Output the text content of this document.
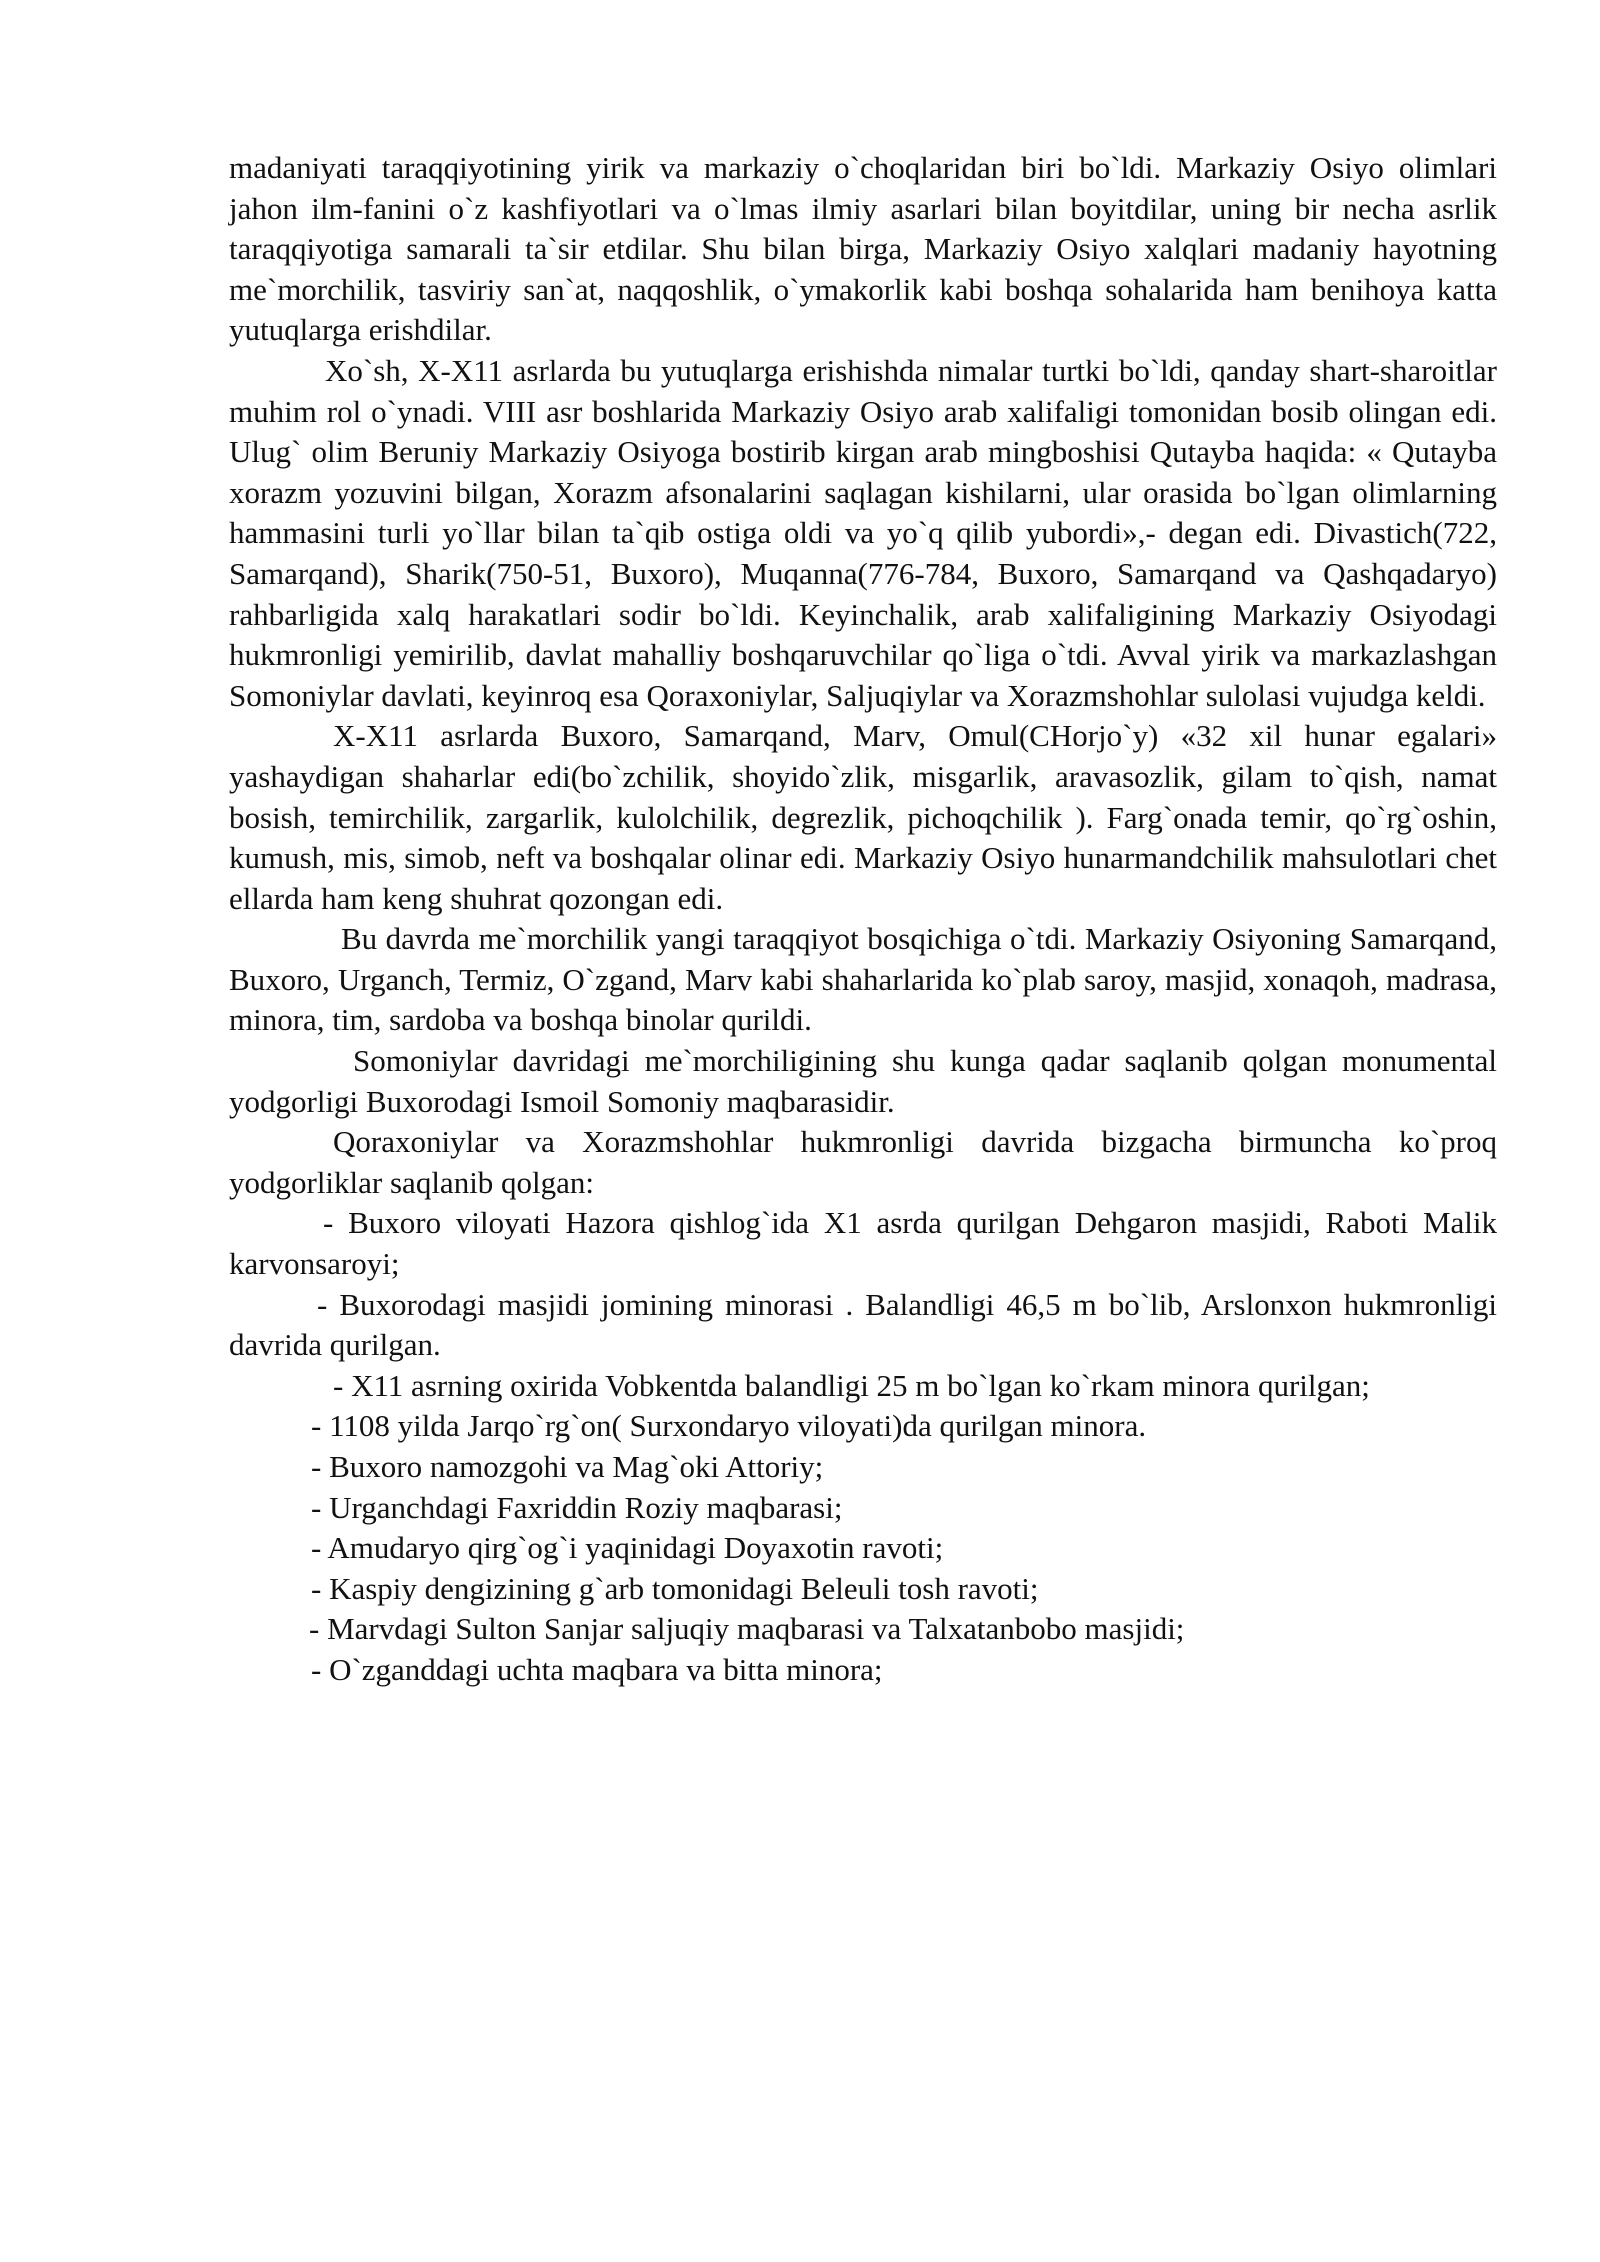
madaniyati taraqqiyotining yirik va markaziy o`choqlaridan biri bo`ldi. Markaziy Osiyo olimlari jahon ilm-fanini o`z kashfiyotlari va o`lmas ilmiy asarlari bilan boyitdilar, uning bir necha asrlik taraqqiyotiga samarali ta`sir etdilar. Shu bilan birga, Markaziy Osiyo xalqlari madaniy hayotning me`morchilik, tasviriy san`at, naqqoshlik, o`ymakorlik kabi boshqa sohalarida ham benihoya katta yutuqlarga erishdilar.

Xo`sh, X-X11 asrlarda bu yutuqlarga erishishda nimalar turtki bo`ldi, qanday shart-sharoitlar muhim rol o`ynadi. VIII asr boshlarida Markaziy Osiyo arab xalifaligi tomonidan bosib olingan edi. Ulug` olim Beruniy Markaziy Osiyoga bostirib kirgan arab mingboshisi Qutayba haqida: « Qutayba xorazm yozuvini bilgan, Xorazm afsonalarini saqlagan kishilarni, ular orasida bo`lgan olimlarning hammasini turli yo`llar bilan ta`qib ostiga oldi va yo`q qilib yubordi»,- degan edi. Divastich(722, Samarqand), Sharik(750-51, Buxoro), Muqanna(776-784, Buxoro, Samarqand va Qashqadaryo) rahbarligida xalq harakatlari sodir bo`ldi. Keyinchalik, arab xalifaligining Markaziy Osiyodagi hukmronligi yemirilib, davlat mahalliy boshqaruvchilar qo`liga o`tdi. Avval yirik va markazlashgan Somoniylar davlati, keyinroq esa Qoraxoniylar, Saljuqiylar va Xorazmshohlar sulolasi vujudga keldi.

X-X11 asrlarda Buxoro, Samarqand, Marv, Omul(CHorjo`y) «32 xil hunar egalari» yashaydigan shaharlar edi(bo`zchilik, shoyido`zlik, misgarlik, aravasozlik, gilam to`qish, namat bosish, temirchilik, zargarlik, kulolchilik, degrezlik, pichoqchilik ). Farg`onada temir, qo`rg`oshin, kumush, mis, simob, neft va boshqalar olinar edi. Markaziy Osiyo hunarmandchilik mahsulotlari chet ellarda ham keng shuhrat qozongan edi.

Bu davrda me`morchilik yangi taraqqiyot bosqichiga o`tdi. Markaziy Osiyoning Samarqand, Buxoro, Urganch, Termiz, O`zgand, Marv kabi shaharlarida ko`plab saroy, masjid, xonaqoh, madrasa, minora, tim, sardoba va boshqa binolar qurildi.

Somoniylar davridagi me`morchiligining shu kunga qadar saqlanib qolgan monumental yodgorligi Buxorodagi Ismoil Somoniy maqbarasidir.

Qoraxoniylar va Xorazmshohlar hukmronligi davrida bizgacha birmuncha ko`proq yodgorliklar saqlanib qolgan:

- Buxoro viloyati Hazora qishlog`ida X1 asrda qurilgan Dehgaron masjidi, Raboti Malik karvonsaroyi;

- Buxorodagi masjidi jomining minorasi . Balandligi 46,5 m bo`lib, Arslonxon hukmronligi davrida qurilgan.

- X11 asrning oxirida Vobkentda balandligi 25 m bo`lgan ko`rkam minora qurilgan;

- 1108 yilda Jarqo`rg`on( Surxondaryo viloyati)da qurilgan minora.

- Buxoro namozgohi va Mag`oki Attoriy;

- Urganchdagi Faxriddin Roziy maqbarasi;

- Amudaryo qirg`og`i yaqinidagi Doyaxotin ravoti;

- Kaspiy dengizining g`arb tomonidagi Beleuli tosh ravoti;

- Marvdagi Sulton Sanjar saljuqiy maqbarasi va Talxatanbobo masjidi;

- O`zganddagi uchta maqbara va bitta minora;
